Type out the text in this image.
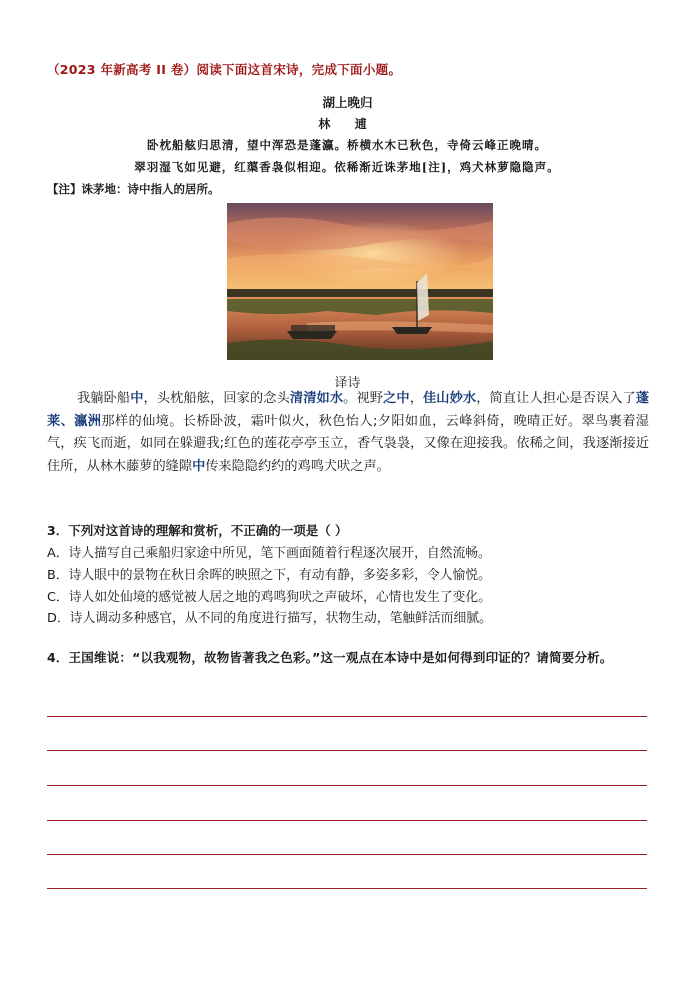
（2023 年新高考 II 卷）阅读下面这首宋诗，完成下面小题。
湖上晚归
林 逋
卧枕船舷归思清，望中浑恐是蓬瀛。桥横水木已秋色，寺倚云峰正晚晴。
翠羽湿飞如见避，红蕖香袅似相迎。依稀渐近诛茅地[注]，鸡犬林萝隐隐声。
【注】诛茅地：诗中指人的居所。
译诗
我躺卧船中，头枕船舷，回家的念头清清如水。视野之中，佳山妙水，简直让人担心是否误入了蓬莱、瀛洲那样的仙境。长桥卧波，霜叶似火，秋色怡人;夕阳如血，云峰斜倚，晚晴正好。翠鸟裹着湿气，疾飞而逝，如同在躲避我;红色的莲花亭亭玉立，香气袅袅，又像在迎接我。依稀之间，我逐渐接近住所，从林木藤萝的缝隙中传来隐隐约约的鸡鸣犬吠之声。
3．下列对这首诗的理解和赏析，不正确的一项是（ ）
A．诗人描写自己乘船归家途中所见，笔下画面随着行程逐次展开，自然流畅。
B．诗人眼中的景物在秋日余晖的映照之下，有动有静，多姿多彩，令人愉悦。
C．诗人如处仙境的感觉被人居之地的鸡鸣狗吠之声破坏，心情也发生了变化。
D．诗人调动多种感官，从不同的角度进行描写，状物生动，笔触鲜活而细腻。
4．王国维说：“以我观物，故物皆著我之色彩。”这一观点在本诗中是如何得到印证的？请简要分析。
